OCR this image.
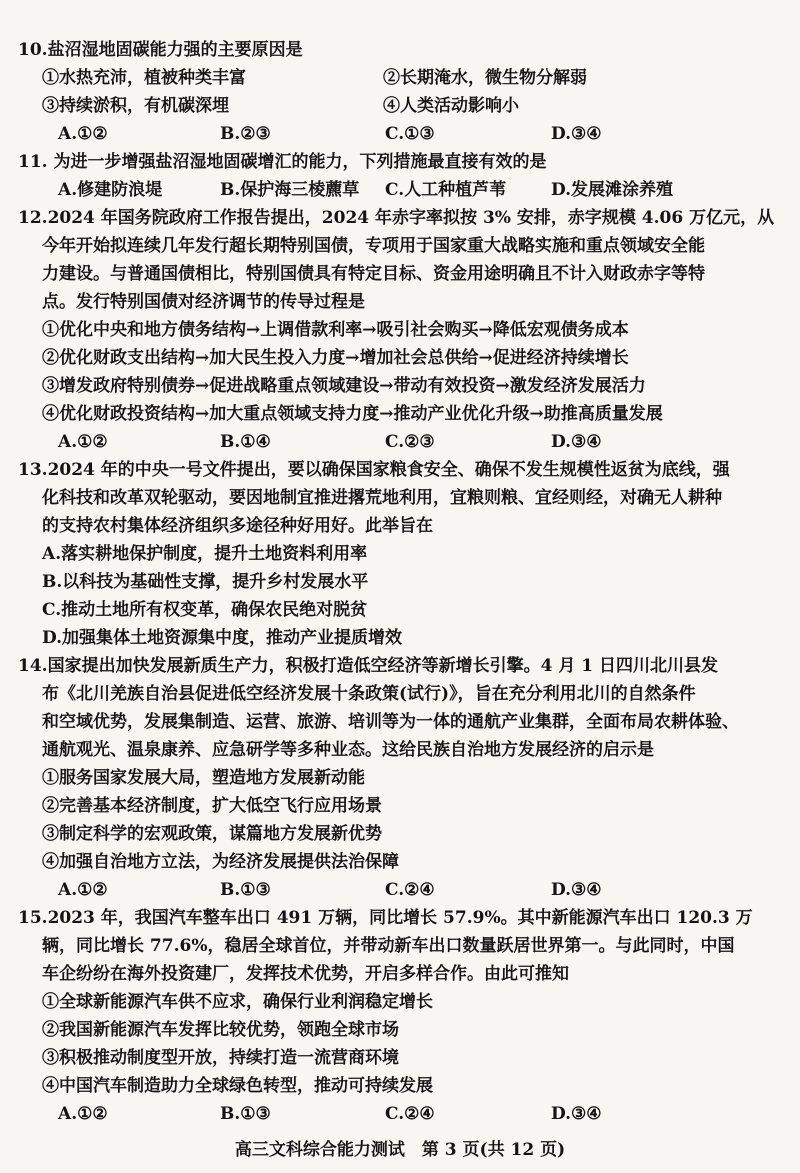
10.盐沼湿地固碳能力强的主要原因是
①水热充沛，植被种类丰富	②长期淹水，微生物分解弱
③持续淤积，有机碳深埋	④人类活动影响小
A.①②	B.②③	C.①③	D.③④
11. 为进一步增强盐沼湿地固碳增汇的能力，下列措施最直接有效的是
A.修建防浪堤	B.保护海三棱藨草 C.人工种植芦苇	D.发展滩涂养殖
12.2024 年国务院政府工作报告提出，2024 年赤字率拟按 3% 安排，赤字规模 4.06 万亿元，从
今年开始拟连续几年发行超长期特别国债，专项用于国家重大战略实施和重点领域安全能
力建设。与普通国债相比，特别国债具有特定目标、资金用途明确且不计入财政赤字等特
点。发行特别国债对经济调节的传导过程是
①优化中央和地方债务结构→上调借款利率→吸引社会购买→降低宏观债务成本
②优化财政支出结构→加大民生投入力度→增加社会总供给→促进经济持续增长
③增发政府特别债券→促进战略重点领域建设→带动有效投资→激发经济发展活力
④优化财政投资结构→加大重点领域支持力度→推动产业优化升级→助推高质量发展
A.①②	B.①④	C.②③	D.③④
13.2024 年的中央一号文件提出，要以确保国家粮食安全、确保不发生规模性返贫为底线，强
化科技和改革双轮驱动，要因地制宜推进撂荒地利用，宜粮则粮、宜经则经，对确无人耕种
的支持农村集体经济组织多途径种好用好。此举旨在
A.落实耕地保护制度，提升土地资料利用率
B.以科技为基础性支撑，提升乡村发展水平
C.推动土地所有权变革，确保农民绝对脱贫
D.加强集体土地资源集中度，推动产业提质增效
14.国家提出加快发展新质生产力，积极打造低空经济等新增长引擎。4 月 1 日四川北川县发
布《北川羌族自治县促进低空经济发展十条政策(试行)》，旨在充分利用北川的自然条件
和空域优势，发展集制造、运营、旅游、培训等为一体的通航产业集群，全面布局农耕体验、
通航观光、温泉康养、应急研学等多种业态。这给民族自治地方发展经济的启示是
①服务国家发展大局，塑造地方发展新动能
②完善基本经济制度，扩大低空飞行应用场景
③制定科学的宏观政策，谋篇地方发展新优势
④加强自治地方立法，为经济发展提供法治保障
A.①②	B.①③	C.②④	D.③④
15.2023 年，我国汽车整车出口 491 万辆，同比增长 57.9%。其中新能源汽车出口 120.3 万
辆，同比增长 77.6%，稳居全球首位，并带动新车出口数量跃居世界第一。与此同时，中国
车企纷纷在海外投资建厂，发挥技术优势，开启多样合作。由此可推知
①全球新能源汽车供不应求，确保行业利润稳定增长
②我国新能源汽车发挥比较优势，领跑全球市场
③积极推动制度型开放，持续打造一流营商环境
④中国汽车制造助力全球绿色转型，推动可持续发展
A.①②	B.①③	C.②④	D.③④
高三文科综合能力测试　第 3 页(共 12 页)
